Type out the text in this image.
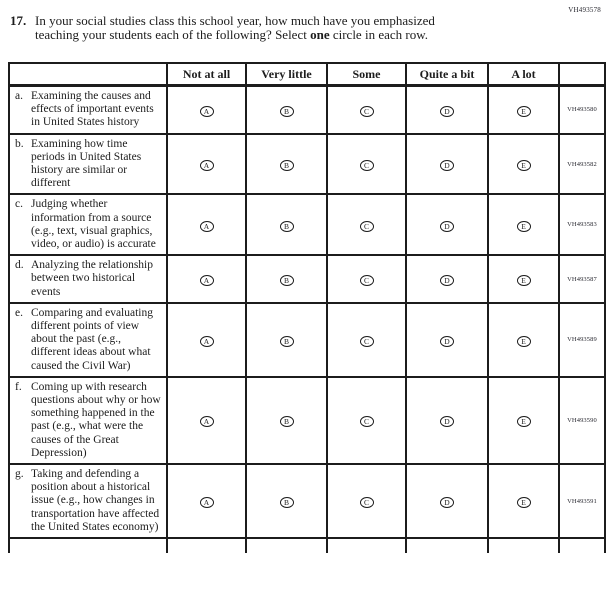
VH493578
17. In your social studies class this school year, how much have you emphasized
teaching your students each of the following? Select one circle in each row.
	Not at all	Very little	Some	Quite a bit	A lot	

a. Examining the causes and effects of important events in United States history	A	B	C	D	E	VH493580

b. Examining how time periods in United States history are similar or different	A	B	C	D	E	VH493582

c. Judging whether information from a source (e.g., text, visual graphics, video, or audio) is accurate	A	B	C	D	E	VH493583

d. Analyzing the relationship between two historical events	A	B	C	D	E	VH493587

e. Comparing and evaluating different points of view about the past (e.g., different ideas about what caused the Civil War)	A	B	C	D	E	VH493589

f. Coming up with research questions about why or how something happened in the past (e.g., what were the causes of the Great Depression)	A	B	C	D	E	VH493590

g. Taking and defending a position about a historical issue (e.g., how changes in transportation have affected the United States economy)	A	B	C	D	E	VH493591
